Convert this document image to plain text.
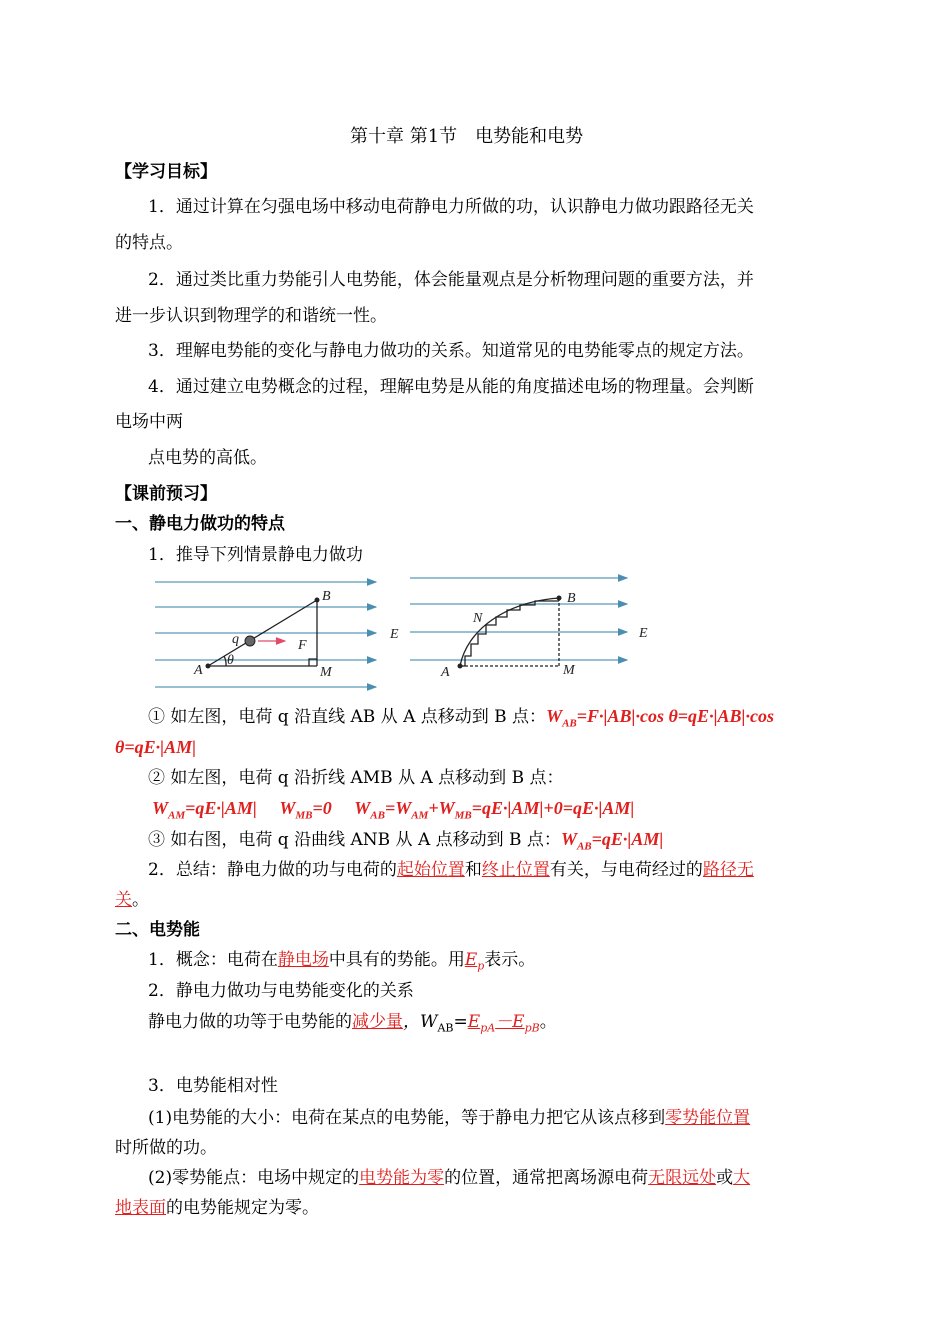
第十章 第1节　电势能和电势
【学习目标】
1．通过计算在匀强电场中移动电荷静电力所做的功，认识静电力做功跟路径无关
的特点。
2．通过类比重力势能引人电势能，体会能量观点是分析物理问题的重要方法，并
进一步认识到物理学的和谐统一性。
3．理解电势能的变化与静电力做功的关系。知道常见的电势能零点的规定方法。
4．通过建立电势概念的过程，理解电势是从能的角度描述电场的物理量。会判断
电场中两
点电势的高低。
【课前预习】
一、静电力做功的特点
1．推导下列情景静电力做功
B
q	F
A
θ
M
E
B
N
A	M
E
① 如左图，电荷 q 沿直线 AB 从 A 点移动到 B 点：$W_{AB}=F\cdot|AB|\cdot\cos$ θ=qE·|AB|·cos
θ=qE·|AM|
② 如左图，电荷 q 沿折线 AMB 从 A 点移动到 B 点：
$W_{AM}=qE\cdot|AM|$ $W_{MB}=0$ $W_{AB}=W_{AM}+W_{MB}=qE\cdot|AM|+0=qE\cdot|AM|$
③ 如右图，电荷 q 沿曲线 ANB 从 A 点移动到 B 点：$W_{AB}=qE\cdot|AM|$
2．总结：静电力做的功与电荷的起始位置和终止位置有关，与电荷经过的路径无
关。
二、电势能
1．概念：电荷在静电场中具有的势能。用$E_p$表示。
2．静电力做功与电势能变化的关系
静电力做的功等于电势能的减少量，$W_{AB}=E_{pA}-E_{pB}$。
3．电势能相对性
(1)电势能的大小：电荷在某点的电势能，等于静电力把它从该点移到零势能位置
时所做的功。
(2)零势能点：电场中规定的电势能为零的位置，通常把离场源电荷无限远处或大
地表面的电势能规定为零。
